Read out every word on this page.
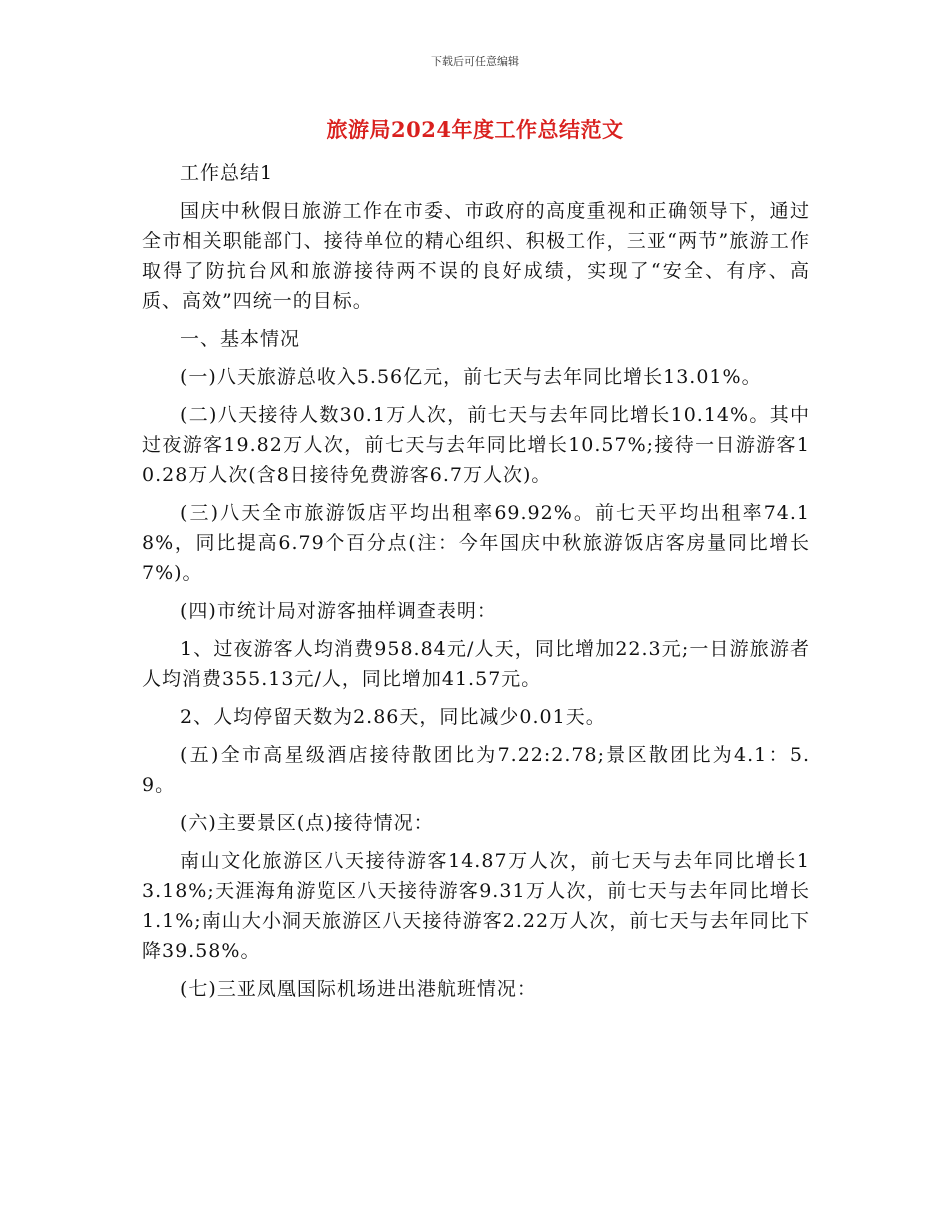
下载后可任意编辑
旅游局2024年度工作总结范文

工作总结1

国庆中秋假日旅游工作在市委、市政府的高度重视和正确领导下，通过全市相关职能部门、接待单位的精心组织、积极工作，三亚“两节”旅游工作取得了防抗台风和旅游接待两不误的良好成绩，实现了“安全、有序、高质、高效”四统一的目标。

一、基本情况

(一)八天旅游总收入5.56亿元，前七天与去年同比增长13.01%。

(二)八天接待人数30.1万人次，前七天与去年同比增长10.14%。其中过夜游客19.82万人次，前七天与去年同比增长10.57%;接待一日游游客10.28万人次(含8日接待免费游客6.7万人次)。

(三)八天全市旅游饭店平均出租率69.92%。前七天平均出租率74.18%，同比提高6.79个百分点(注：今年国庆中秋旅游饭店客房量同比增长7%)。

(四)市统计局对游客抽样调查表明：

1、过夜游客人均消费958.84元/人天，同比增加22.3元;一日游旅游者人均消费355.13元/人，同比增加41.57元。

2、人均停留天数为2.86天，同比减少0.01天。

(五)全市高星级酒店接待散团比为7.22:2.78;景区散团比为4.1：5.9。

(六)主要景区(点)接待情况：

南山文化旅游区八天接待游客14.87万人次，前七天与去年同比增长13.18%;天涯海角游览区八天接待游客9.31万人次，前七天与去年同比增长1.1%;南山大小洞天旅游区八天接待游客2.22万人次，前七天与去年同比下降39.58%。

(七)三亚凤凰国际机场进出港航班情况：
